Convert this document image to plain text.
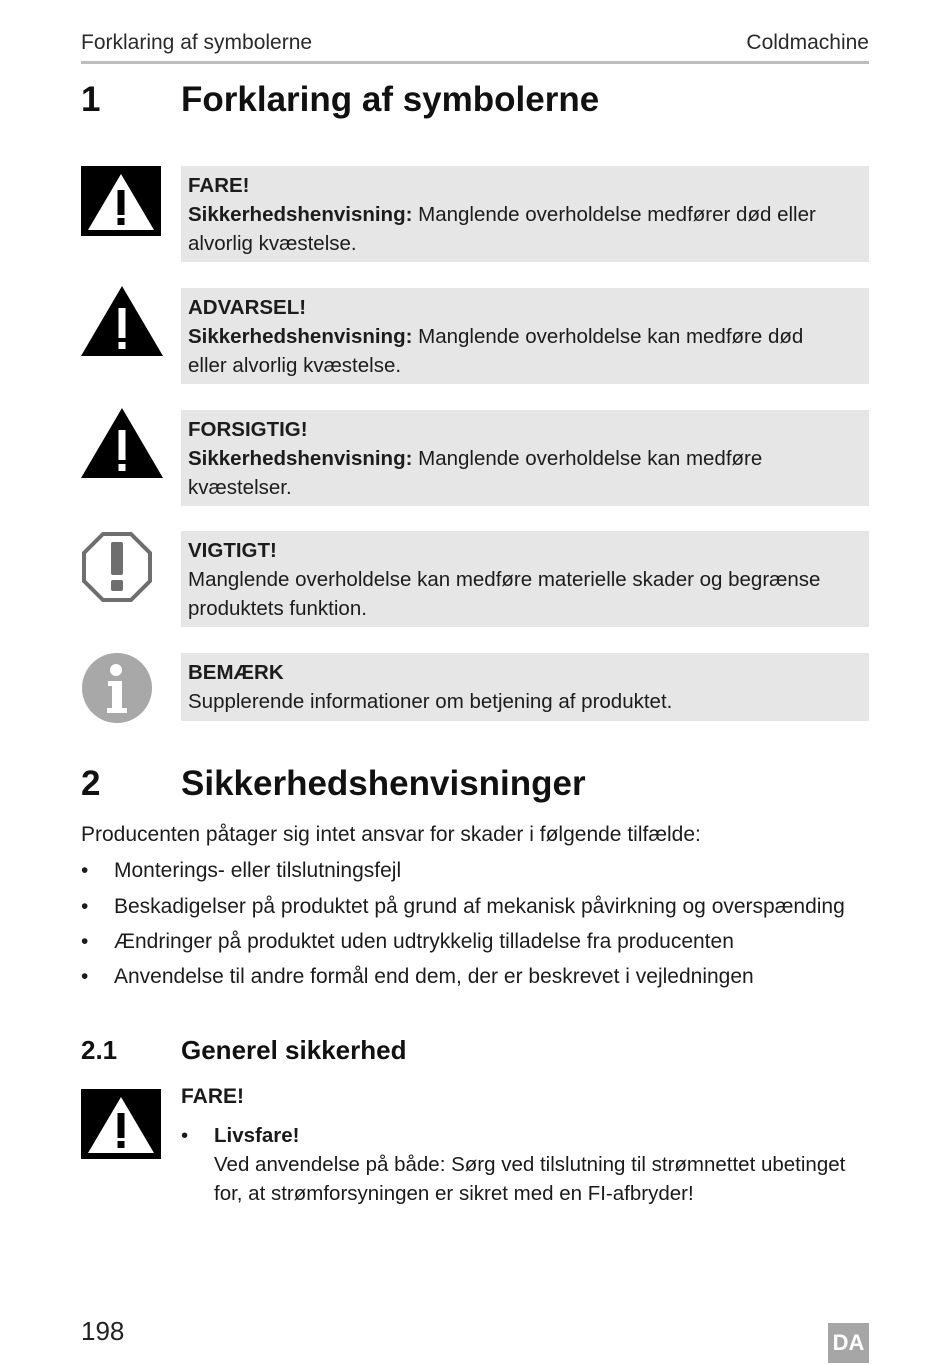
Forklaring af symbolerne	Coldmachine
1 Forklaring af symbolerne
FARE!
Sikkerhedshenvisning: Manglende overholdelse medfører død eller
alvorlig kvæstelse.
ADVARSEL!
Sikkerhedshenvisning: Manglende overholdelse kan medføre død
eller alvorlig kvæstelse.
FORSIGTIG!
Sikkerhedshenvisning: Manglende overholdelse kan medføre
kvæstelser.
VIGTIGT!
Manglende overholdelse kan medføre materielle skader og begrænse
produktets funktion.
BEMÆRK
Supplerende informationer om betjening af produktet.
2 Sikkerhedshenvisninger
Producenten påtager sig intet ansvar for skader i følgende tilfælde:
• Monterings- eller tilslutningsfejl
• Beskadigelser på produktet på grund af mekanisk påvirkning og overspænding
• Ændringer på produktet uden udtrykkelig tilladelse fra producenten
• Anvendelse til andre formål end dem, der er beskrevet i vejledningen
2.1 Generel sikkerhed
FARE!
• Livsfare!
Ved anvendelse på både: Sørg ved tilslutning til strømnettet ubetinget
for, at strømforsyningen er sikret med en FI-afbryder!
198	DA
